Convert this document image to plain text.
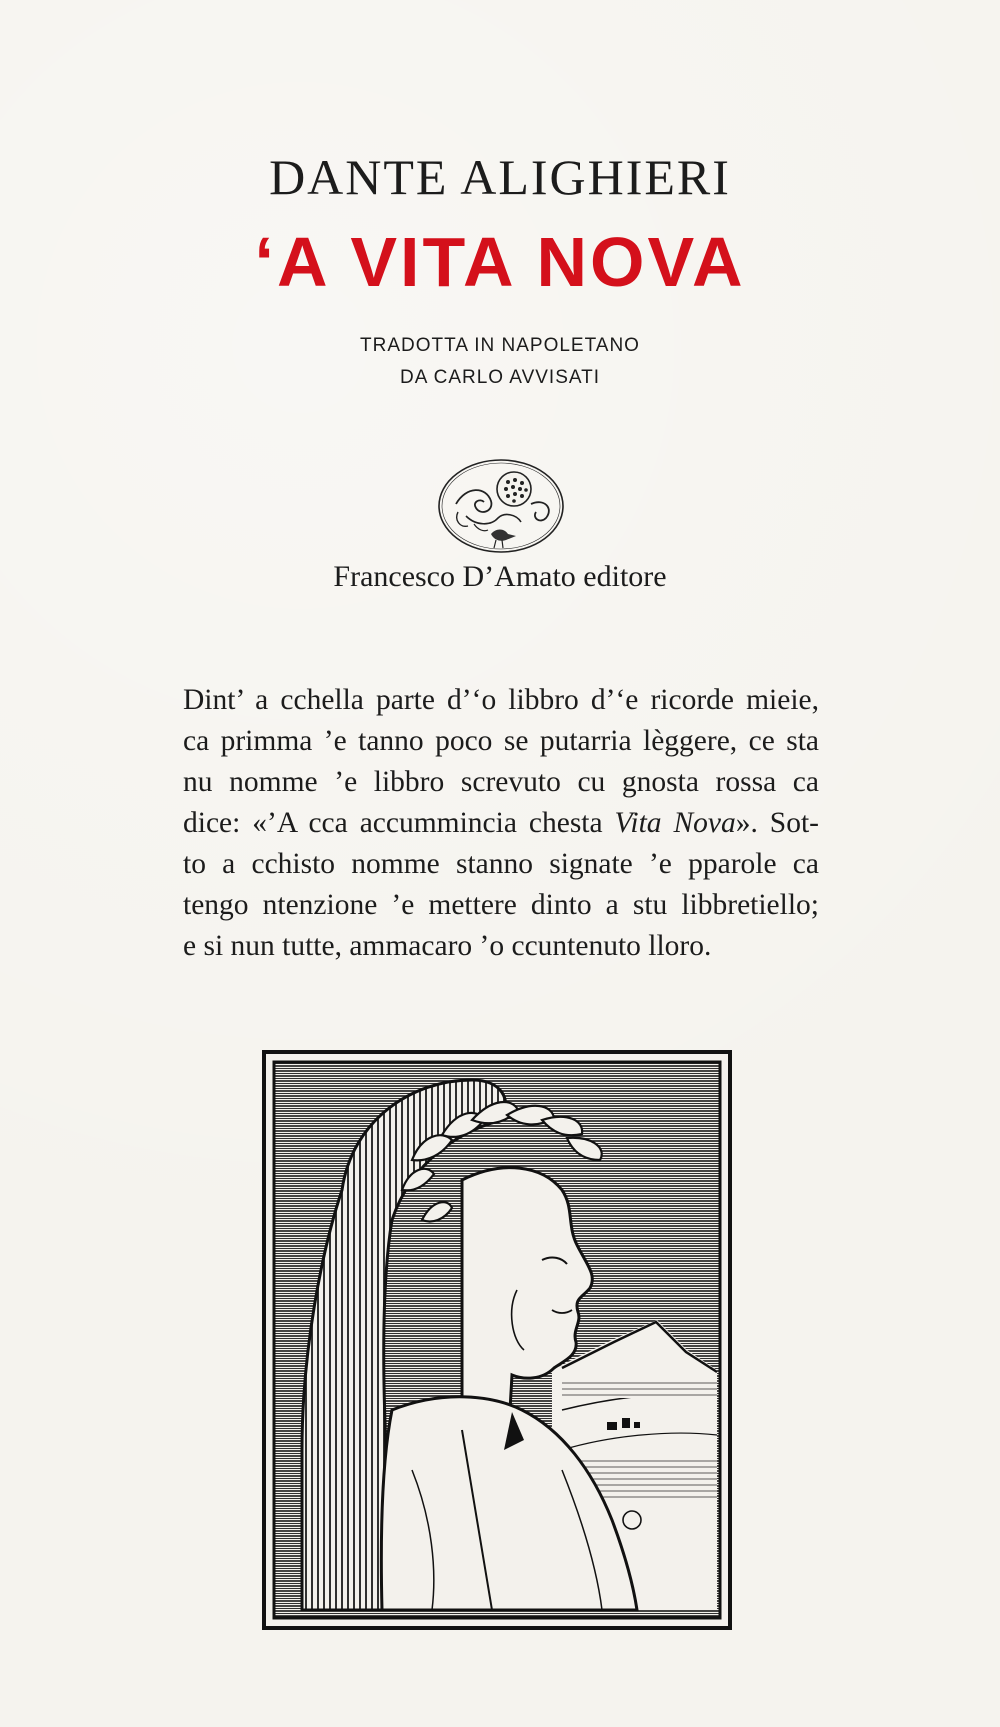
DANTE ALIGHIERI
‘A VITA NOVA
TRADOTTA IN NAPOLETANO
DA CARLO AVVISATI
Francesco D’Amato editore
Dint’ a cchella parte d’‘o libbro d’‘e ricorde mieie,
ca primma ’e tanno poco se putarria lèggere, ce sta
nu nomme ’e libbro screvuto cu gnosta rossa ca
dice: «’A cca accummincia chesta Vita Nova». Sot-
to a cchisto nomme stanno signate ’e pparole ca
tengo ntenzione ’e mettere dinto a stu libbretiello;
e si nun tutte, ammacaro ’o ccuntenuto lloro.
